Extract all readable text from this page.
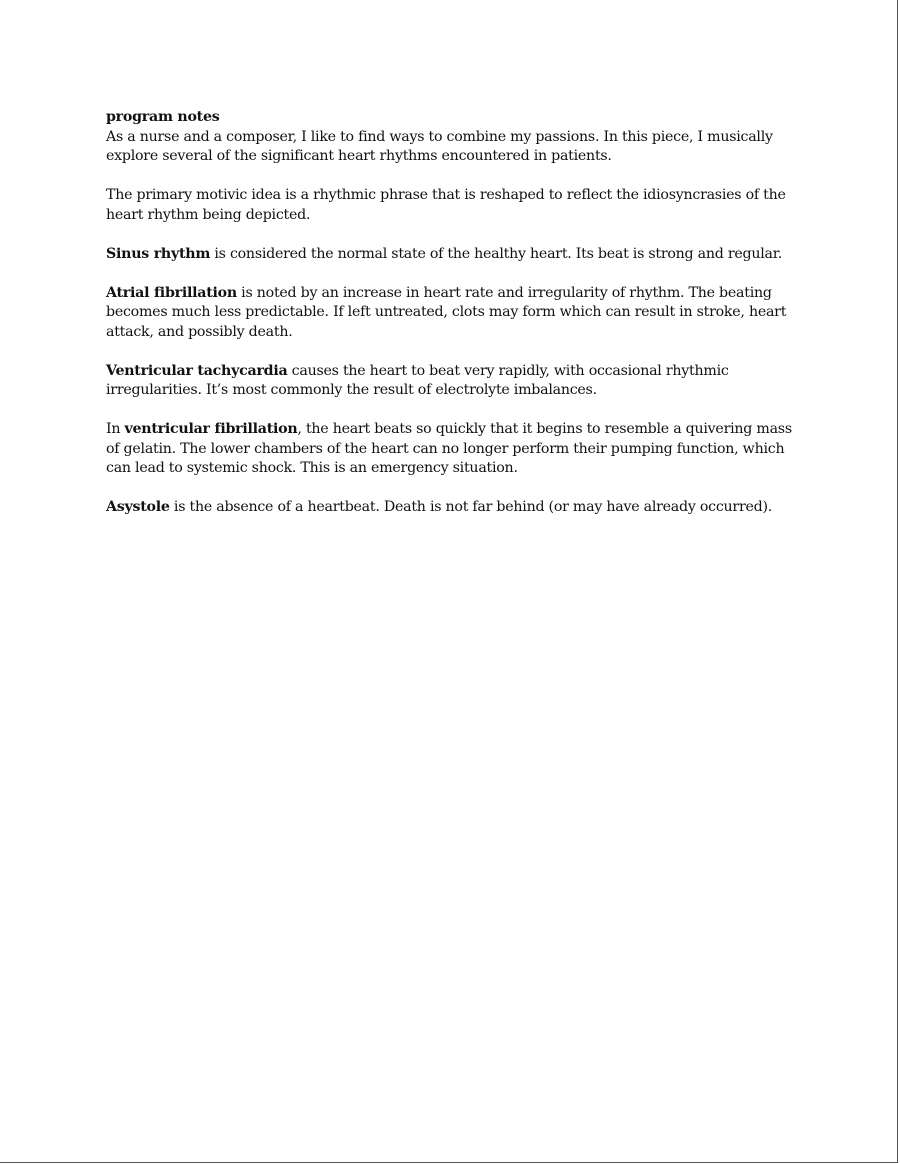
program notes

As a nurse and a composer, I like to find ways to combine my passions. In this piece, I musically explore several of the significant heart rhythms encountered in patients.

The primary motivic idea is a rhythmic phrase that is reshaped to reflect the idiosyncrasies of the heart rhythm being depicted.

Sinus rhythm is considered the normal state of the healthy heart. Its beat is strong and regular.

Atrial fibrillation is noted by an increase in heart rate and irregularity of rhythm. The beating becomes much less predictable. If left untreated, clots may form which can result in stroke, heart attack, and possibly death.

Ventricular tachycardia causes the heart to beat very rapidly, with occasional rhythmic irregularities. It’s most commonly the result of electrolyte imbalances.

In ventricular fibrillation, the heart beats so quickly that it begins to resemble a quivering mass of gelatin. The lower chambers of the heart can no longer perform their pumping function, which can lead to systemic shock. This is an emergency situation.

Asystole is the absence of a heartbeat. Death is not far behind (or may have already occurred).
